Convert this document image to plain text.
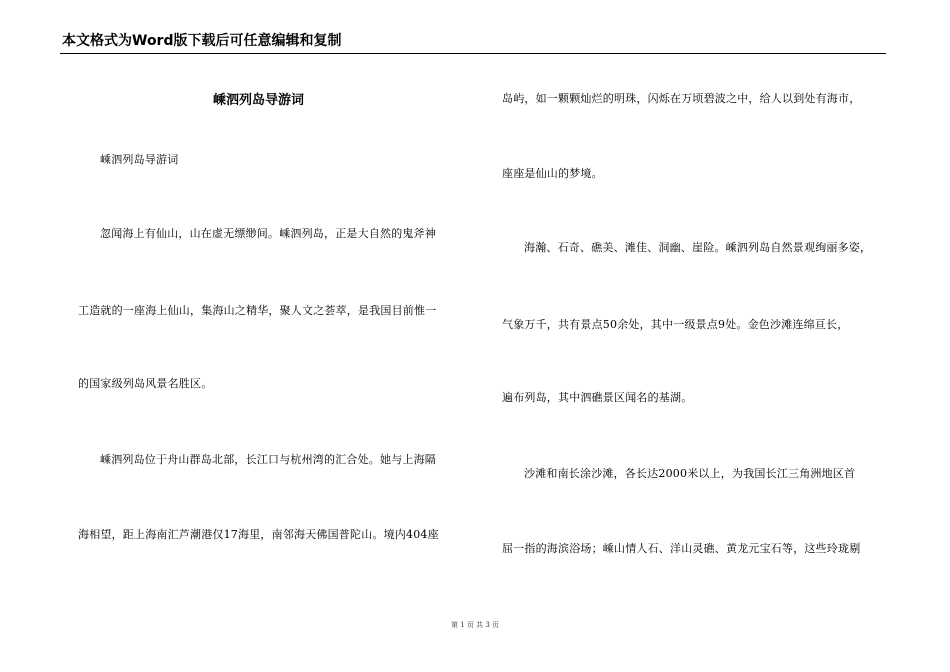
本文格式为Word版下载后可任意编辑和复制
嵊泗列岛导游词
嵊泗列岛导游词
忽闻海上有仙山，山在虚无缥缈间。嵊泗列岛，正是大自然的鬼斧神
工造就的一座海上仙山，集海山之精华，聚人文之荟萃，是我国目前惟一
的国家级列岛风景名胜区。
嵊泗列岛位于舟山群岛北部，长江口与杭州湾的汇合处。她与上海隔
海相望，距上海南汇芦潮港仅17海里，南邻海天佛国普陀山。境内404座
岛屿，如一颗颗灿烂的明珠，闪烁在万顷碧波之中，给人以到处有海市，
座座是仙山的梦境。
海瀚、石奇、礁美、滩佳、洞幽、崖险。嵊泗列岛自然景观绚丽多姿，
气象万千，共有景点50余处，其中一级景点9处。金色沙滩连绵亘长，
遍布列岛，其中泗礁景区闻名的基湖。
沙滩和南长涂沙滩，各长达2000米以上，为我国长江三角洲地区首
屈一指的海滨浴场；嵊山情人石、洋山灵礁、黄龙元宝石等，这些玲珑剔
第 1 页 共 3 页
